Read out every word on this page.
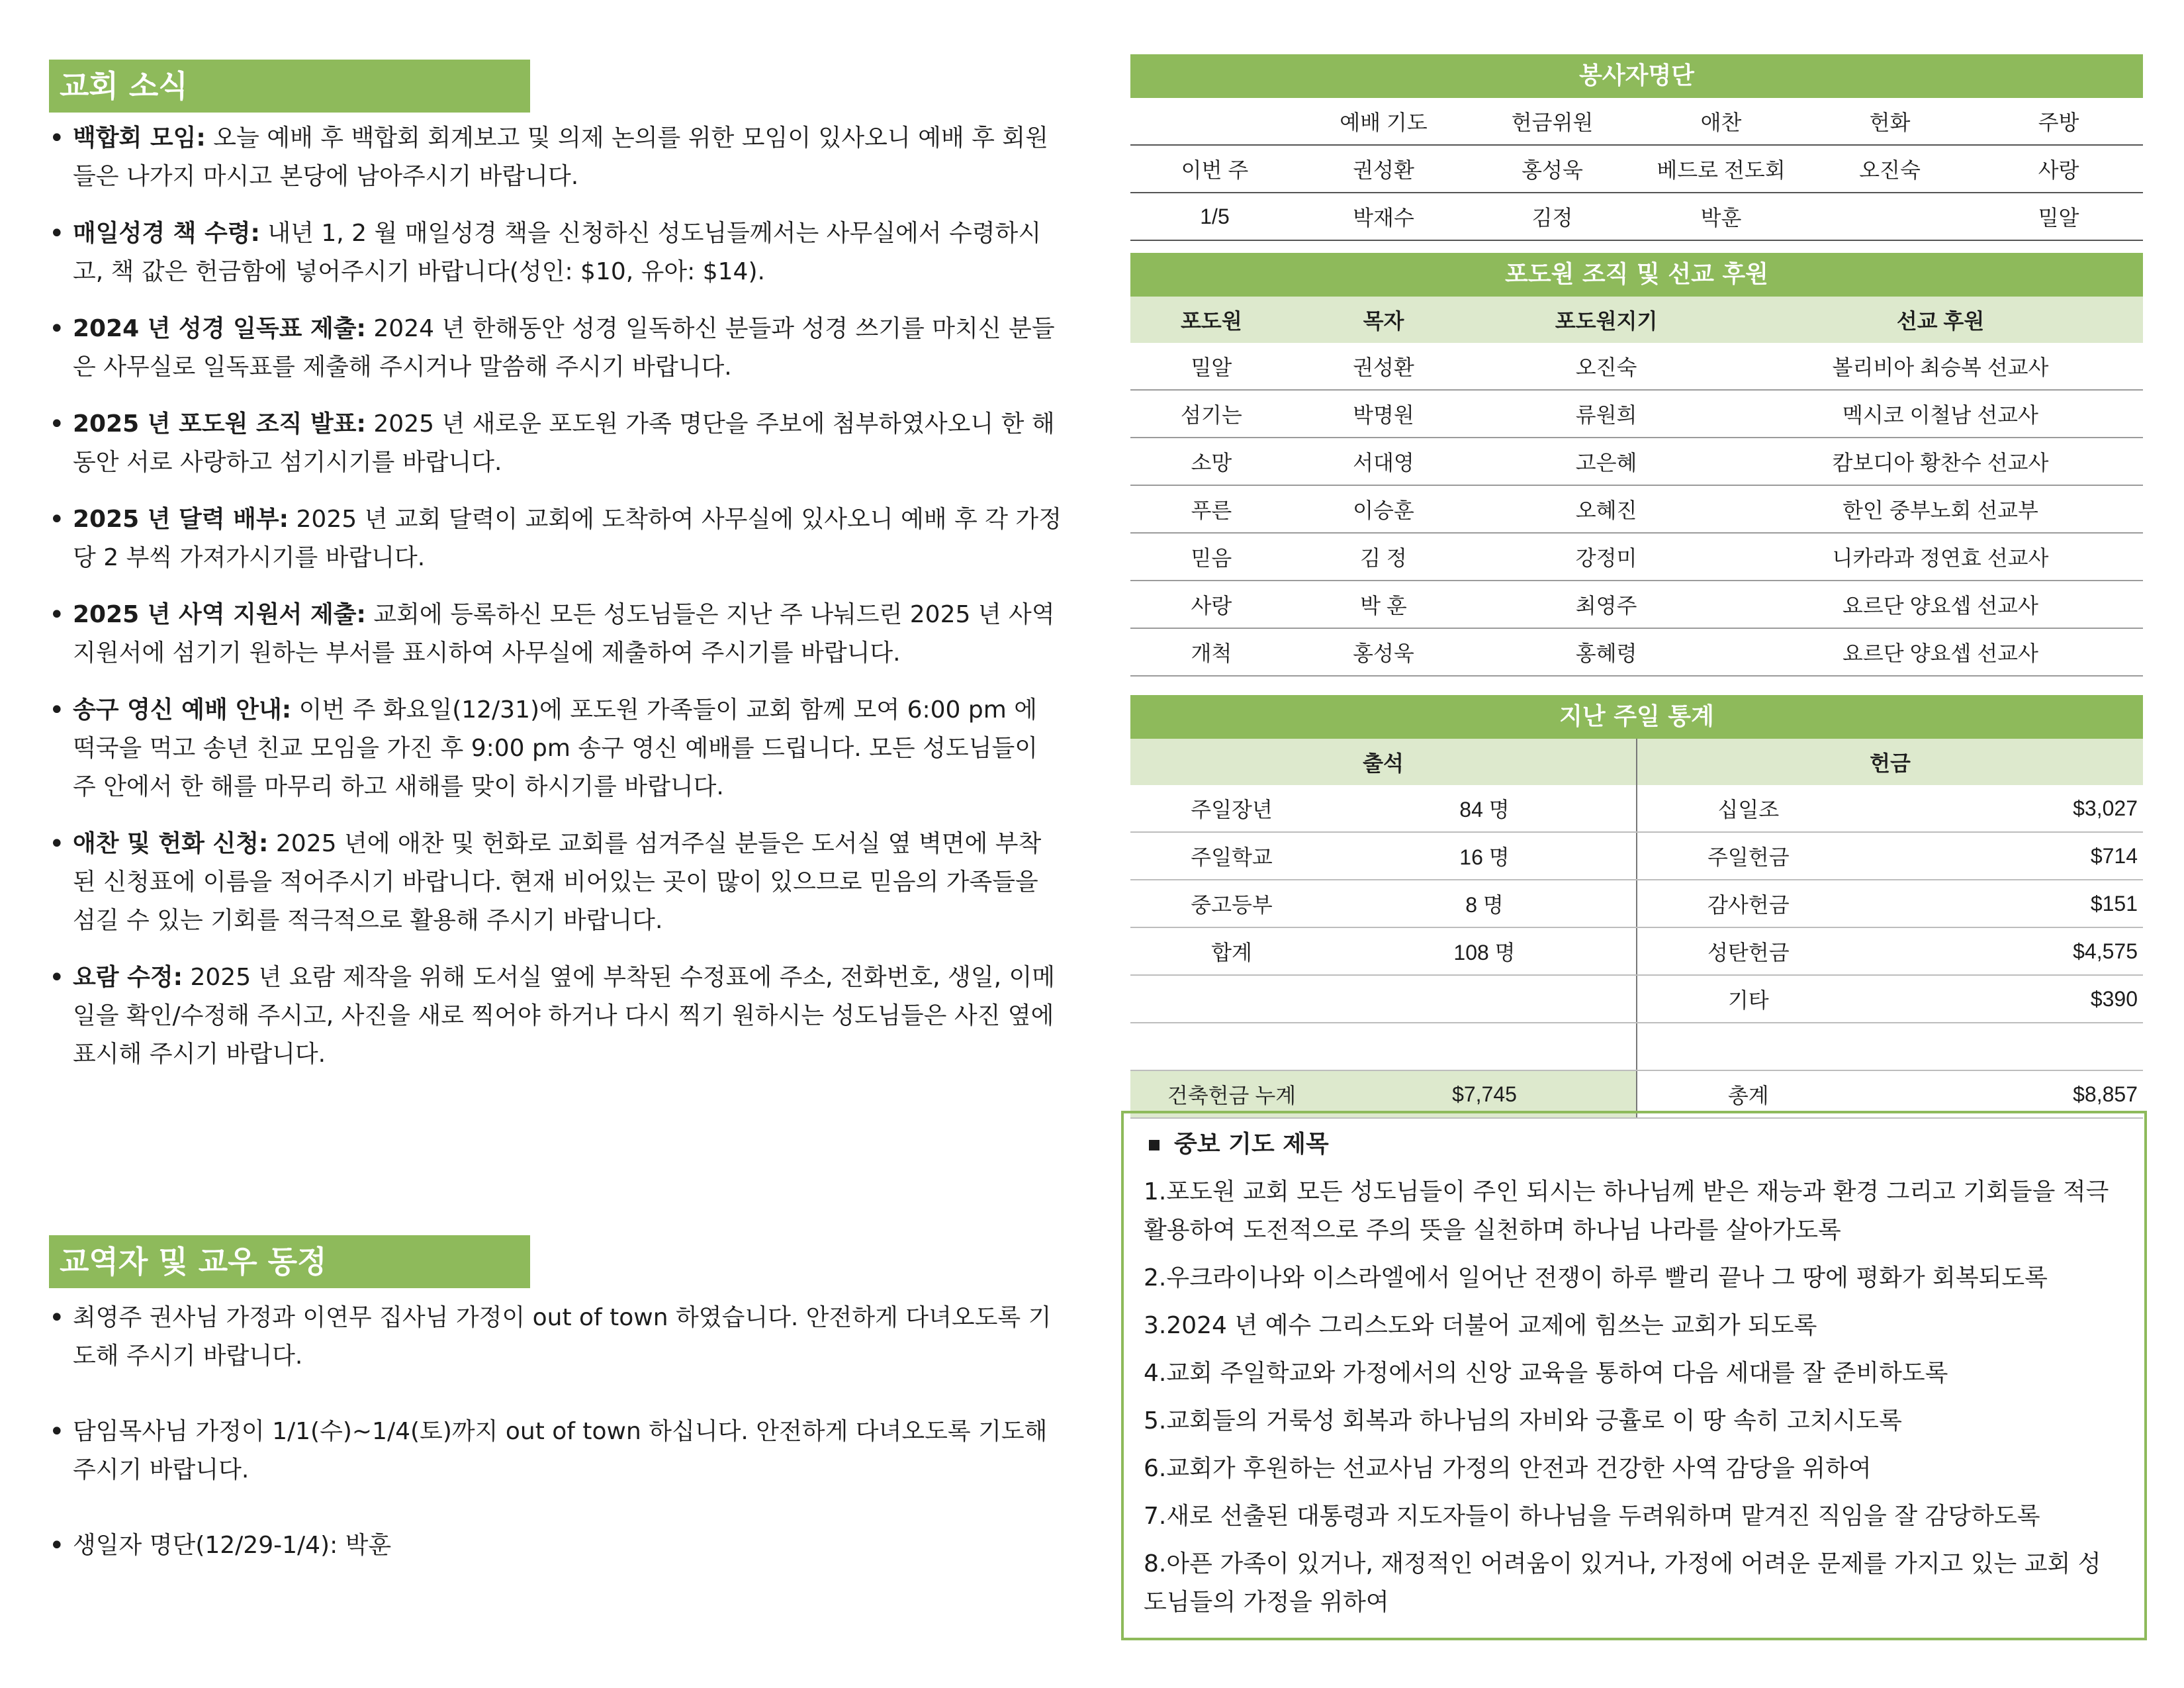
교회 소식
• 백합회 모임: 오늘 예배 후 백합회 회계보고 및 의제 논의를 위한 모임이 있사오니 예배 후 회원들은 나가지 마시고 본당에 남아주시기 바랍니다.
• 매일성경 책 수령: 내년 1, 2 월 매일성경 책을 신청하신 성도님들께서는 사무실에서 수령하시고, 책 값은 헌금함에 넣어주시기 바랍니다(성인: $10, 유아: $14).
• 2024 년 성경 일독표 제출: 2024 년 한해동안 성경 일독하신 분들과 성경 쓰기를 마치신 분들은 사무실로 일독표를 제출해 주시거나 말씀해 주시기 바랍니다.
• 2025 년 포도원 조직 발표: 2025 년 새로운 포도원 가족 명단을 주보에 첨부하였사오니 한 해 동안 서로 사랑하고 섬기시기를 바랍니다.
• 2025 년 달력 배부: 2025 년 교회 달력이 교회에 도착하여 사무실에 있사오니 예배 후 각 가정 당 2 부씩 가져가시기를 바랍니다.
• 2025 년 사역 지원서 제출: 교회에 등록하신 모든 성도님들은 지난 주 나눠드린 2025 년 사역 지원서에 섬기기 원하는 부서를 표시하여 사무실에 제출하여 주시기를 바랍니다.
• 송구 영신 예배 안내: 이번 주 화요일(12/31)에 포도원 가족들이 교회 함께 모여 6:00 pm 에 떡국을 먹고 송년 친교 모임을 가진 후 9:00 pm 송구 영신 예배를 드립니다. 모든 성도님들이 주 안에서 한 해를 마무리 하고 새해를 맞이 하시기를 바랍니다.
• 애찬 및 헌화 신청: 2025 년에 애찬 및 헌화로 교회를 섬겨주실 분들은 도서실 옆 벽면에 부착된 신청표에 이름을 적어주시기 바랍니다. 현재 비어있는 곳이 많이 있으므로 믿음의 가족들을 섬길 수 있는 기회를 적극적으로 활용해 주시기 바랍니다.
• 요람 수정: 2025 년 요람 제작을 위해 도서실 옆에 부착된 수정표에 주소, 전화번호, 생일, 이메일을 확인/수정해 주시고, 사진을 새로 찍어야 하거나 다시 찍기 원하시는 성도님들은 사진 옆에 표시해 주시기 바랍니다.
교역자 및 교우 동정
• 최영주 권사님 가정과 이연무 집사님 가정이 out of town 하였습니다. 안전하게 다녀오도록 기도해 주시기 바랍니다.
• 담임목사님 가정이 1/1(수)~1/4(토)까지 out of town 하십니다. 안전하게 다녀오도록 기도해 주시기 바랍니다.
• 생일자 명단(12/29-1/4): 박훈
봉사자명단
	예배 기도	헌금위원	애찬	헌화	주방
이번 주	권성환	홍성욱	베드로 전도회	오진숙	사랑
1/5	박재수	김정	박훈		밀알
포도원 조직 및 선교 후원
포도원	목자	포도원지기	선교 후원
밀알	권성환	오진숙	볼리비아 최승복 선교사
섬기는	박명원	류원희	멕시코 이철남 선교사
소망	서대영	고은혜	캄보디아 황찬수 선교사
푸른	이승훈	오혜진	한인 중부노회 선교부
믿음	김 정	강정미	니카라과 정연효 선교사
사랑	박 훈	최영주	요르단 양요셉 선교사
개척	홍성욱	홍혜령	요르단 양요셉 선교사
지난 주일 통계
출석		헌금	
주일장년	84 명	십일조	$3,027
주일학교	16 명	주일헌금	$714
중고등부	8 명	감사헌금	$151
합계	108 명	성탄헌금	$4,575
		기타	$390

건축헌금 누계	$7,745	총계	$8,857
중보 기도 제목
1.포도원 교회 모든 성도님들이 주인 되시는 하나님께 받은 재능과 환경 그리고 기회들을 적극 활용하여 도전적으로 주의 뜻을 실천하며 하나님 나라를 살아가도록
2.우크라이나와 이스라엘에서 일어난 전쟁이 하루 빨리 끝나 그 땅에 평화가 회복되도록
3.2024 년 예수 그리스도와 더불어 교제에 힘쓰는 교회가 되도록
4.교회 주일학교와 가정에서의 신앙 교육을 통하여 다음 세대를 잘 준비하도록
5.교회들의 거룩성 회복과 하나님의 자비와 긍휼로 이 땅 속히 고치시도록
6.교회가 후원하는 선교사님 가정의 안전과 건강한 사역 감당을 위하여
7.새로 선출된 대통령과 지도자들이 하나님을 두려워하며 맡겨진 직임을 잘 감당하도록
8.아픈 가족이 있거나, 재정적인 어려움이 있거나, 가정에 어려운 문제를 가지고 있는 교회 성도님들의 가정을 위하여
